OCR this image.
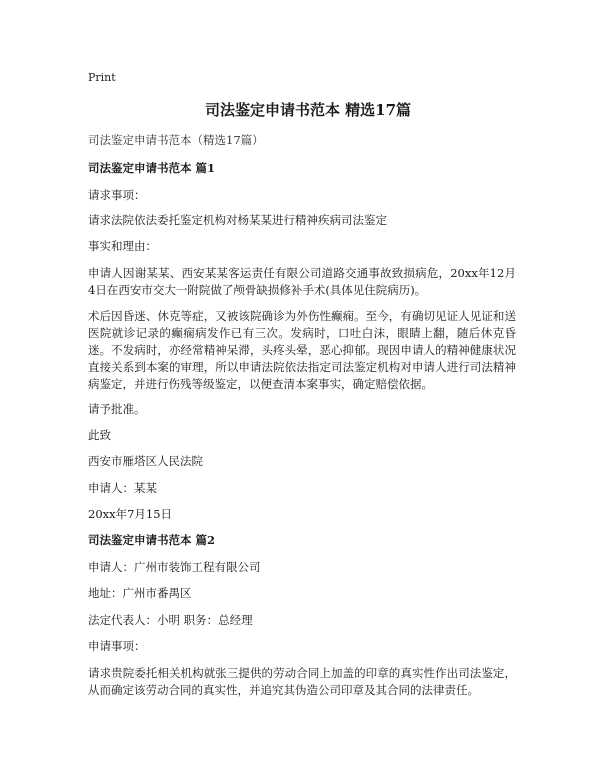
Print
司法鉴定申请书范本 精选17篇
司法鉴定申请书范本（精选17篇）
司法鉴定申请书范本 篇1
请求事项：
请求法院依法委托鉴定机构对杨某某进行精神疾病司法鉴定
事实和理由：
申请人因谢某某、西安某某客运责任有限公司道路交通事故致损病危，20xx年12月4日在西安市交大一附院做了颅骨缺损修补手术(具体见住院病历)。
术后因昏迷、休克等症，又被该院确诊为外伤性癫痫。至今，有确切见证人见证和送医院就诊记录的癫痫病发作已有三次。发病时，口吐白沫，眼睛上翻，随后休克昏迷。不发病时，亦经常精神呆滞，头疼头晕，恶心抑郁。现因申请人的精神健康状况直接关系到本案的审理，所以申请法院依法指定司法鉴定机构对申请人进行司法精神病鉴定，并进行伤残等级鉴定，以便查清本案事实，确定赔偿依据。
请予批准。
此致
西安市雁塔区人民法院
申请人：某某
20xx年7月15日
司法鉴定申请书范本 篇2
申请人：广州市装饰工程有限公司
地址：广州市番禺区
法定代表人：小明 职务：总经理
申请事项：
请求贵院委托相关机构就张三提供的劳动合同上加盖的印章的真实性作出司法鉴定，从而确定该劳动合同的真实性，并追究其伪造公司印章及其合同的法律责任。
